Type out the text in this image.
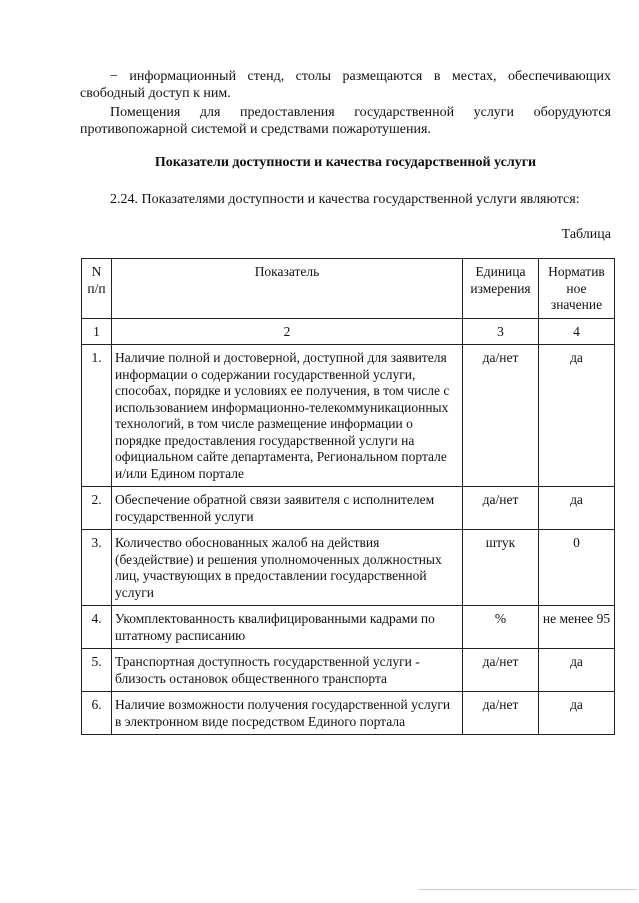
− информационный стенд, столы размещаются в местах, обеспечивающих свободный доступ к ним.

Помещения для предоставления государственной услуги оборудуются противопожарной системой и средствами пожаротушения.

Показатели доступности и качества государственной услуги

2.24. Показателями доступности и качества государственной услуги являются:

Таблица

N п/п	Показатель	Единица измерения	Норматив ное значение
1	2	3	4
1.	Наличие полной и достоверной, доступной для заявителя информации о содержании государственной услуги, способах, порядке и условиях ее получения, в том числе с использованием информационно-телекоммуникационных технологий, в том числе размещение информации о порядке предоставления государственной услуги на официальном сайте департамента, Региональном портале и/или Едином портале	да/нет	да
2.	Обеспечение обратной связи заявителя с исполнителем государственной услуги	да/нет	да
3.	Количество обоснованных жалоб на действия (бездействие) и решения уполномоченных должностных лиц, участвующих в предоставлении государственной услуги	штук	0
4.	Укомплектованность квалифицированными кадрами по штатному расписанию	%	не менее 95
5.	Транспортная доступность государственной услуги - близость остановок общественного транспорта	да/нет	да
6.	Наличие возможности получения государственной услуги в электронном виде посредством Единого портала	да/нет	да
